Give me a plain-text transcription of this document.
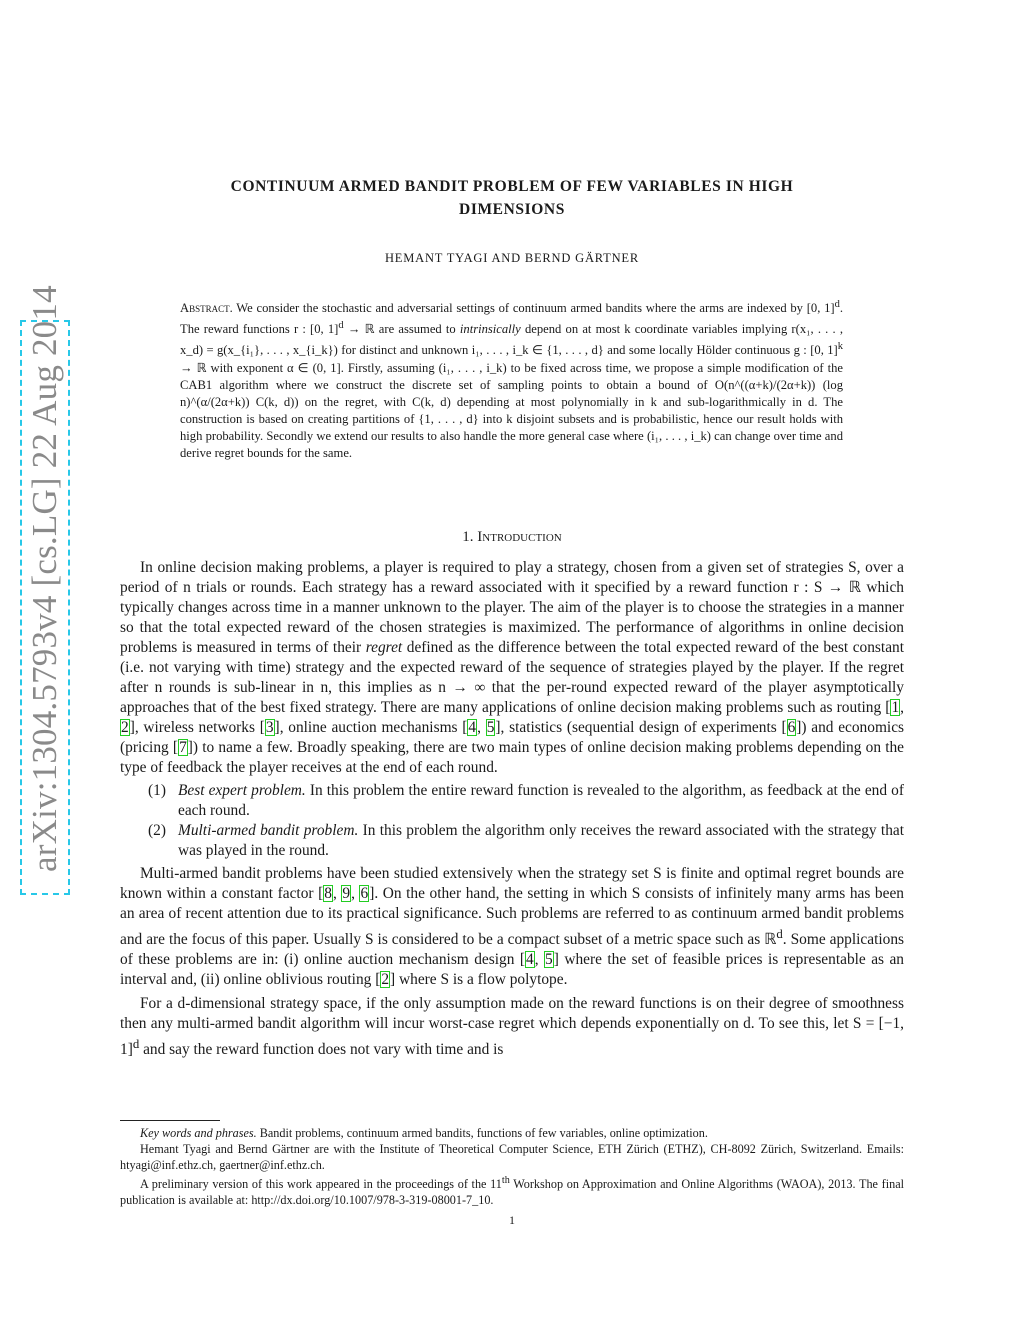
arXiv:1304.5793v4 [cs.LG] 22 Aug 2014
CONTINUUM ARMED BANDIT PROBLEM OF FEW VARIABLES IN HIGH
DIMENSIONS
HEMANT TYAGI AND BERND GÄRTNER
Abstract. We consider the stochastic and adversarial settings of continuum armed bandits where the arms are indexed by [0, 1]$^d$. The reward functions r : [0, 1]$^d$ → ℝ are assumed to intrinsically depend on at most k coordinate variables implying r(x₁, . . . , x_d) = g(x_{i₁}, . . . , x_{i_k}) for distinct and unknown i₁, . . . , i_k ∈ {1, . . . , d} and some locally Hölder continuous g : [0, 1]$^k$ → ℝ with exponent α ∈ (0, 1]. Firstly, assuming (i₁, . . . , i_k) to be fixed across time, we propose a simple modification of the CAB1 algorithm where we construct the discrete set of sampling points to obtain a bound of O(n^((α+k)/(2α+k)) (log n)^(α/(2α+k)) C(k, d)) on the regret, with C(k, d) depending at most polynomially in k and sub-logarithmically in d. The construction is based on creating partitions of {1, . . . , d} into k disjoint subsets and is probabilistic, hence our result holds with high probability. Secondly we extend our results to also handle the more general case where (i₁, . . . , i_k) can change over time and derive regret bounds for the same.
1. Introduction

In online decision making problems, a player is required to play a strategy, chosen from a given set of strategies S, over a period of n trials or rounds. Each strategy has a reward associated with it specified by a reward function r : S → ℝ which typically changes across time in a manner unknown to the player. The aim of the player is to choose the strategies in a manner so that the total expected reward of the chosen strategies is maximized. The performance of algorithms in online decision problems is measured in terms of their regret defined as the difference between the total expected reward of the best constant (i.e. not varying with time) strategy and the expected reward of the sequence of strategies played by the player. If the regret after n rounds is sub-linear in n, this implies as n → ∞ that the per-round expected reward of the player asymptotically approaches that of the best fixed strategy. There are many applications of online decision making problems such as routing [1, 2], wireless networks [3], online auction mechanisms [4, 5], statistics (sequential design of experiments [6]) and economics (pricing [7]) to name a few. Broadly speaking, there are two main types of online decision making problems depending on the type of feedback the player receives at the end of each round.

(1) Best expert problem. In this problem the entire reward function is revealed to the algorithm, as feedback at the end of each round.
(2) Multi-armed bandit problem. In this problem the algorithm only receives the reward associated with the strategy that was played in the round.

Multi-armed bandit problems have been studied extensively when the strategy set S is finite and optimal regret bounds are known within a constant factor [8, 9, 6]. On the other hand, the setting in which S consists of infinitely many arms has been an area of recent attention due to its practical significance. Such problems are referred to as continuum armed bandit problems and are the focus of this paper. Usually S is considered to be a compact subset of a metric space such as ℝ$^d$. Some applications of these problems are in: (i) online auction mechanism design [4, 5] where the set of feasible prices is representable as an interval and, (ii) online oblivious routing [2] where S is a flow polytope.

For a d-dimensional strategy space, if the only assumption made on the reward functions is on their degree of smoothness then any multi-armed bandit algorithm will incur worst-case regret which depends exponentially on d. To see this, let S = [−1, 1]$^d$ and say the reward function does not vary with time and is

Key words and phrases. Bandit problems, continuum armed bandits, functions of few variables, online optimization.

Hemant Tyagi and Bernd Gärtner are with the Institute of Theoretical Computer Science, ETH Zürich (ETHZ), CH-8092 Zürich, Switzerland. Emails: htyagi@inf.ethz.ch, gaertner@inf.ethz.ch.

A preliminary version of this work appeared in the proceedings of the 11th Workshop on Approximation and Online Algorithms (WAOA), 2013. The final publication is available at: http://dx.doi.org/10.1007/978-3-319-08001-7_10.

1
